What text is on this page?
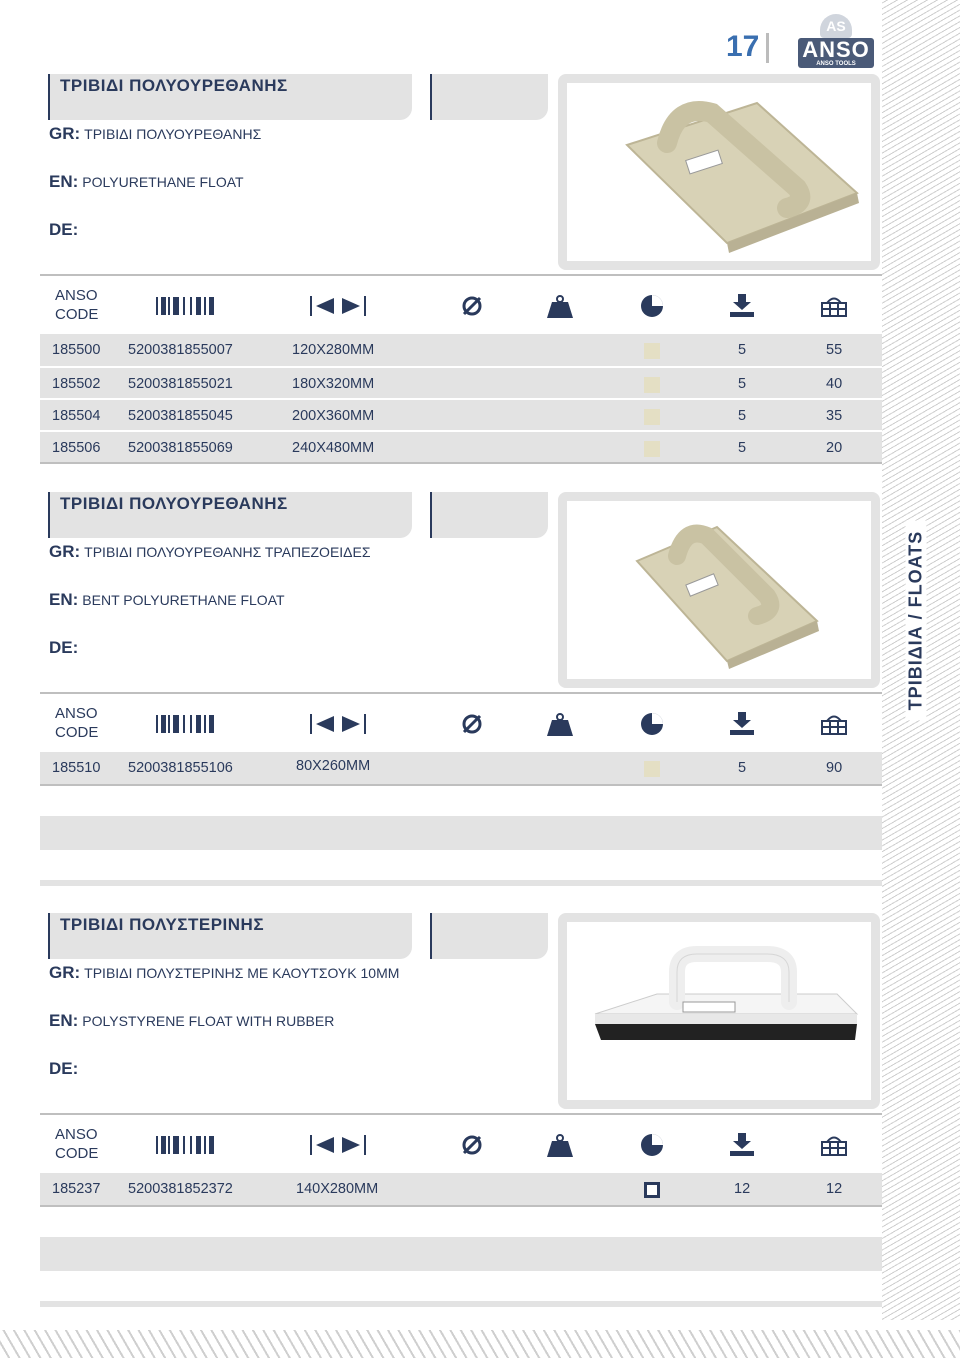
ΤΡΙΒΙΔΙΑ / FLOATS
17
AS
ANSO
ANSO TOOLS
ΤΡΙΒΙΔΙ ΠΟΛΥΟΥΡΕΘΑΝΗΣ
GR: ΤΡΙΒΙΔΙ ΠΟΛΥΟΥΡΕΘΑΝΗΣ
EN: POLYURETHANE FLOAT
DE:
ANSO
CODE
185500 5200381855007	120X280MM	5	55
185502 5200381855021	180X320MM	5	40
185504 5200381855045	200X360MM	5	35
185506 5200381855069	240X480MM	5	20
ΤΡΙΒΙΔΙ ΠΟΛΥΟΥΡΕΘΑΝΗΣ
GR: ΤΡΙΒΙΔΙ ΠΟΛΥΟΥΡΕΘΑΝΗΣ ΤΡΑΠΕΖΟΕΙΔΕΣ
EN: BENT POLYURETHANE FLOAT
DE:
ANSO
CODE
185510 5200381855106	80X260MM	5	90
ΤΡΙΒΙΔΙ ΠΟΛΥΣΤΕΡΙΝΗΣ
GR: ΤΡΙΒΙΔΙ ΠΟΛΥΣΤΕΡΙΝΗΣ ΜΕ ΚΑΟΥΤΣΟΥΚ 10ΜΜ
EN: POLYSTYRENE FLOAT WITH RUBBER
DE:
ANSO
CODE
185237 5200381852372	140X280MM	12	12
